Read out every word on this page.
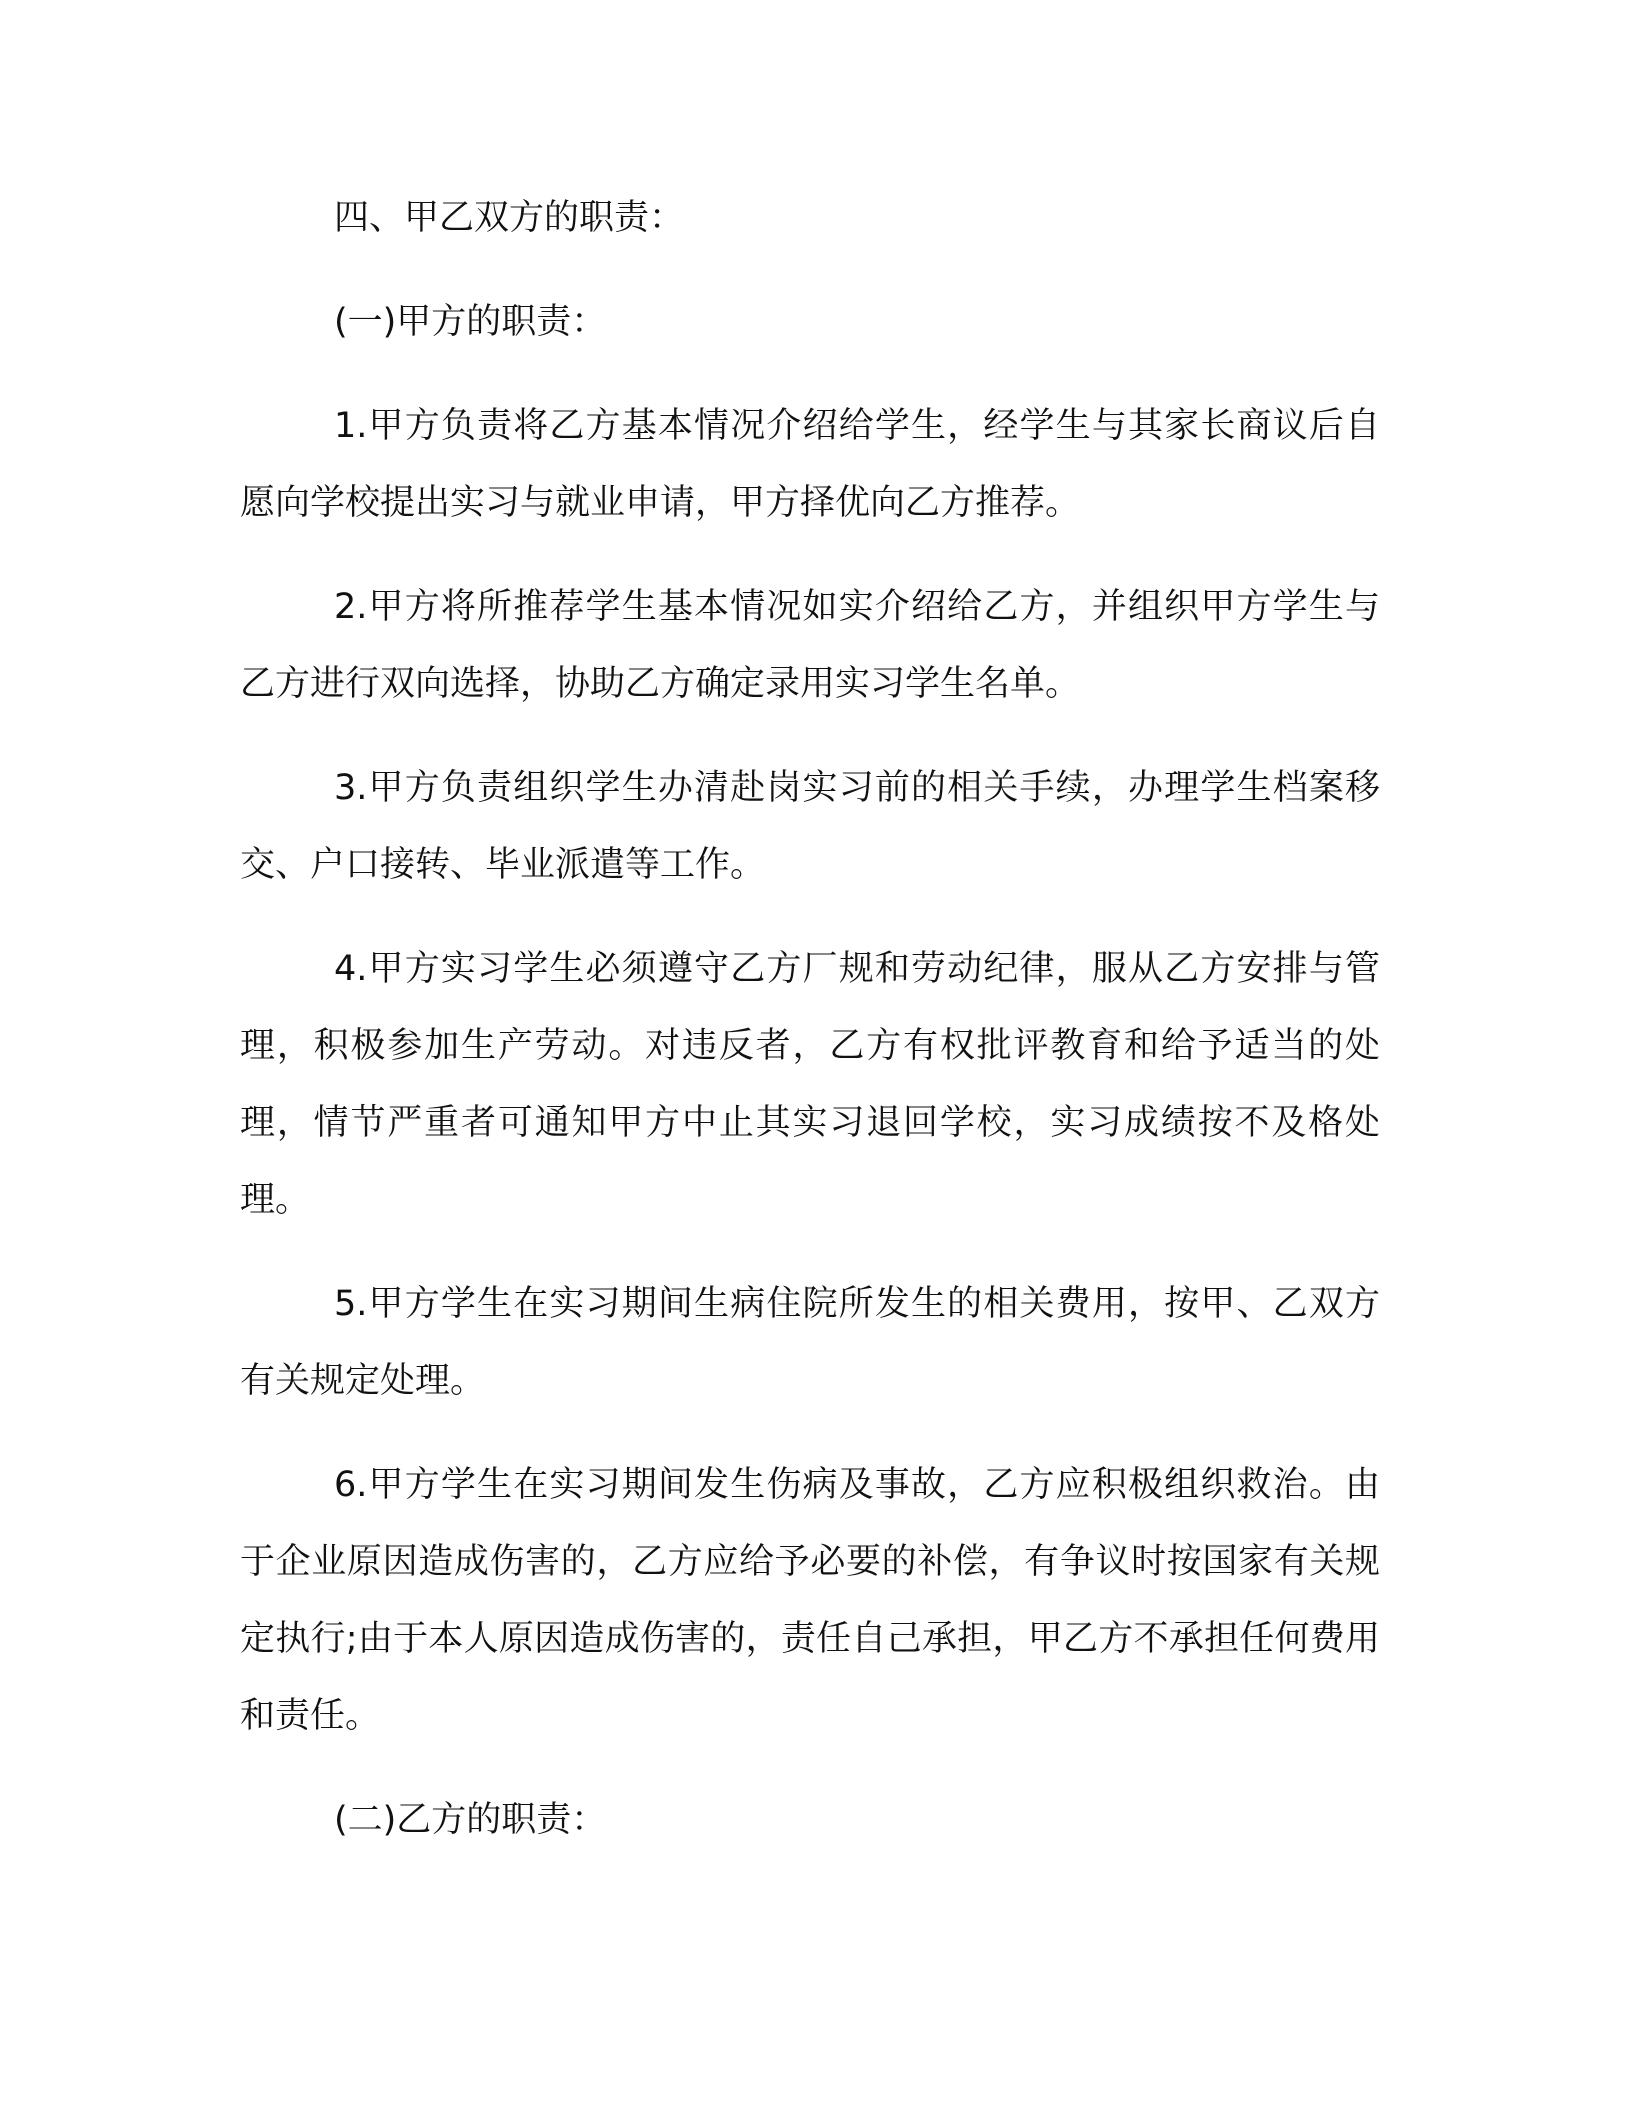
四、甲乙双方的职责：

(一)甲方的职责：

1.甲方负责将乙方基本情况介绍给学生，经学生与其家长商议后自愿向学校提出实习与就业申请，甲方择优向乙方推荐。

2.甲方将所推荐学生基本情况如实介绍给乙方，并组织甲方学生与乙方进行双向选择，协助乙方确定录用实习学生名单。

3.甲方负责组织学生办清赴岗实习前的相关手续，办理学生档案移交、户口接转、毕业派遣等工作。

4.甲方实习学生必须遵守乙方厂规和劳动纪律，服从乙方安排与管理，积极参加生产劳动。对违反者，乙方有权批评教育和给予适当的处理，情节严重者可通知甲方中止其实习退回学校，实习成绩按不及格处理。

5.甲方学生在实习期间生病住院所发生的相关费用，按甲、乙双方有关规定处理。

6.甲方学生在实习期间发生伤病及事故，乙方应积极组织救治。由于企业原因造成伤害的，乙方应给予必要的补偿，有争议时按国家有关规定执行;由于本人原因造成伤害的，责任自己承担，甲乙方不承担任何费用和责任。

(二)乙方的职责：
